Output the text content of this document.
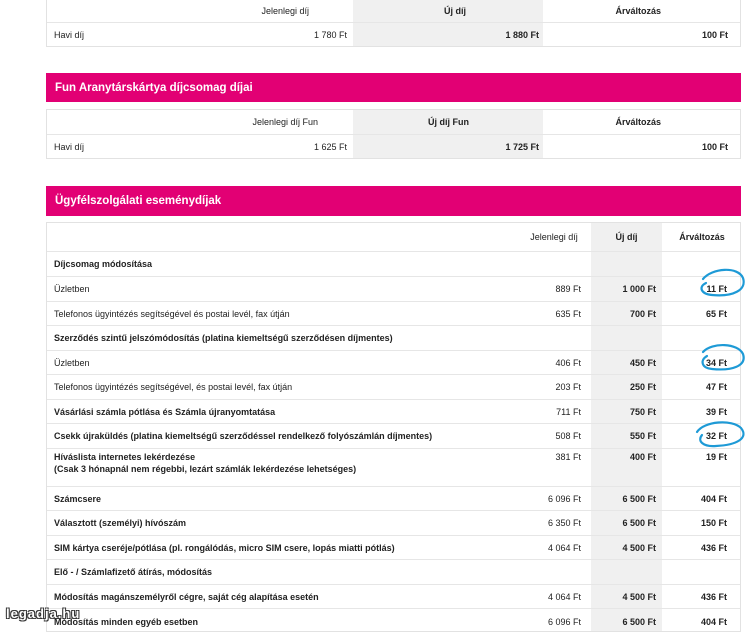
Jelenlegi díj	Új díj	Árváltozás
Havi díj	1 780 Ft	1 880 Ft	100 Ft
Fun Aranytárskártya díjcsomag díjai
Jelenlegi díj Fun	Új díj Fun	Árváltozás
Havi díj	1 625 Ft	1 725 Ft	100 Ft
Ügyfélszolgálati eseménydíjak
Jelenlegi díj	Új díj	Árváltozás
Díjcsomag módosítása
Üzletben	889 Ft	1 000 Ft	11 Ft
Telefonos ügyintézés segítségével és postai levél, fax útján	635 Ft	700 Ft	65 Ft
Szerződés szintű jelszómódosítás (platina kiemeltségű szerződésen díjmentes)
Üzletben	406 Ft	450 Ft	34 Ft
Telefonos ügyintézés segítségével, és postai levél, fax útján	203 Ft	250 Ft	47 Ft
Vásárlási számla pótlása és Számla újranyomtatása	711 Ft	750 Ft	39 Ft
Csekk újraküldés (platina kiemeltségű szerződéssel rendelkező folyószámlán díjmentes)	508 Ft	550 Ft	32 Ft
Híváslista internetes lekérdezése
(Csak 3 hónapnál nem régebbi, lezárt számlák lekérdezése lehetséges)
381 Ft	400 Ft	19 Ft
Számcsere	6 096 Ft	6 500 Ft	404 Ft
Választott (személyi) hívószám	6 350 Ft	6 500 Ft	150 Ft
SIM kártya cseréje/pótlása (pl. rongálódás, micro SIM csere, lopás miatti pótlás)	4 064 Ft	4 500 Ft	436 Ft
Elő - / Számlafizető átírás, módosítás
Módosítás magánszemélyről cégre, saját cég alapítása esetén	4 064 Ft	4 500 Ft	436 Ft
Módosítás minden egyéb esetben	6 096 Ft	6 500 Ft	404 Ft
legadja.hu
